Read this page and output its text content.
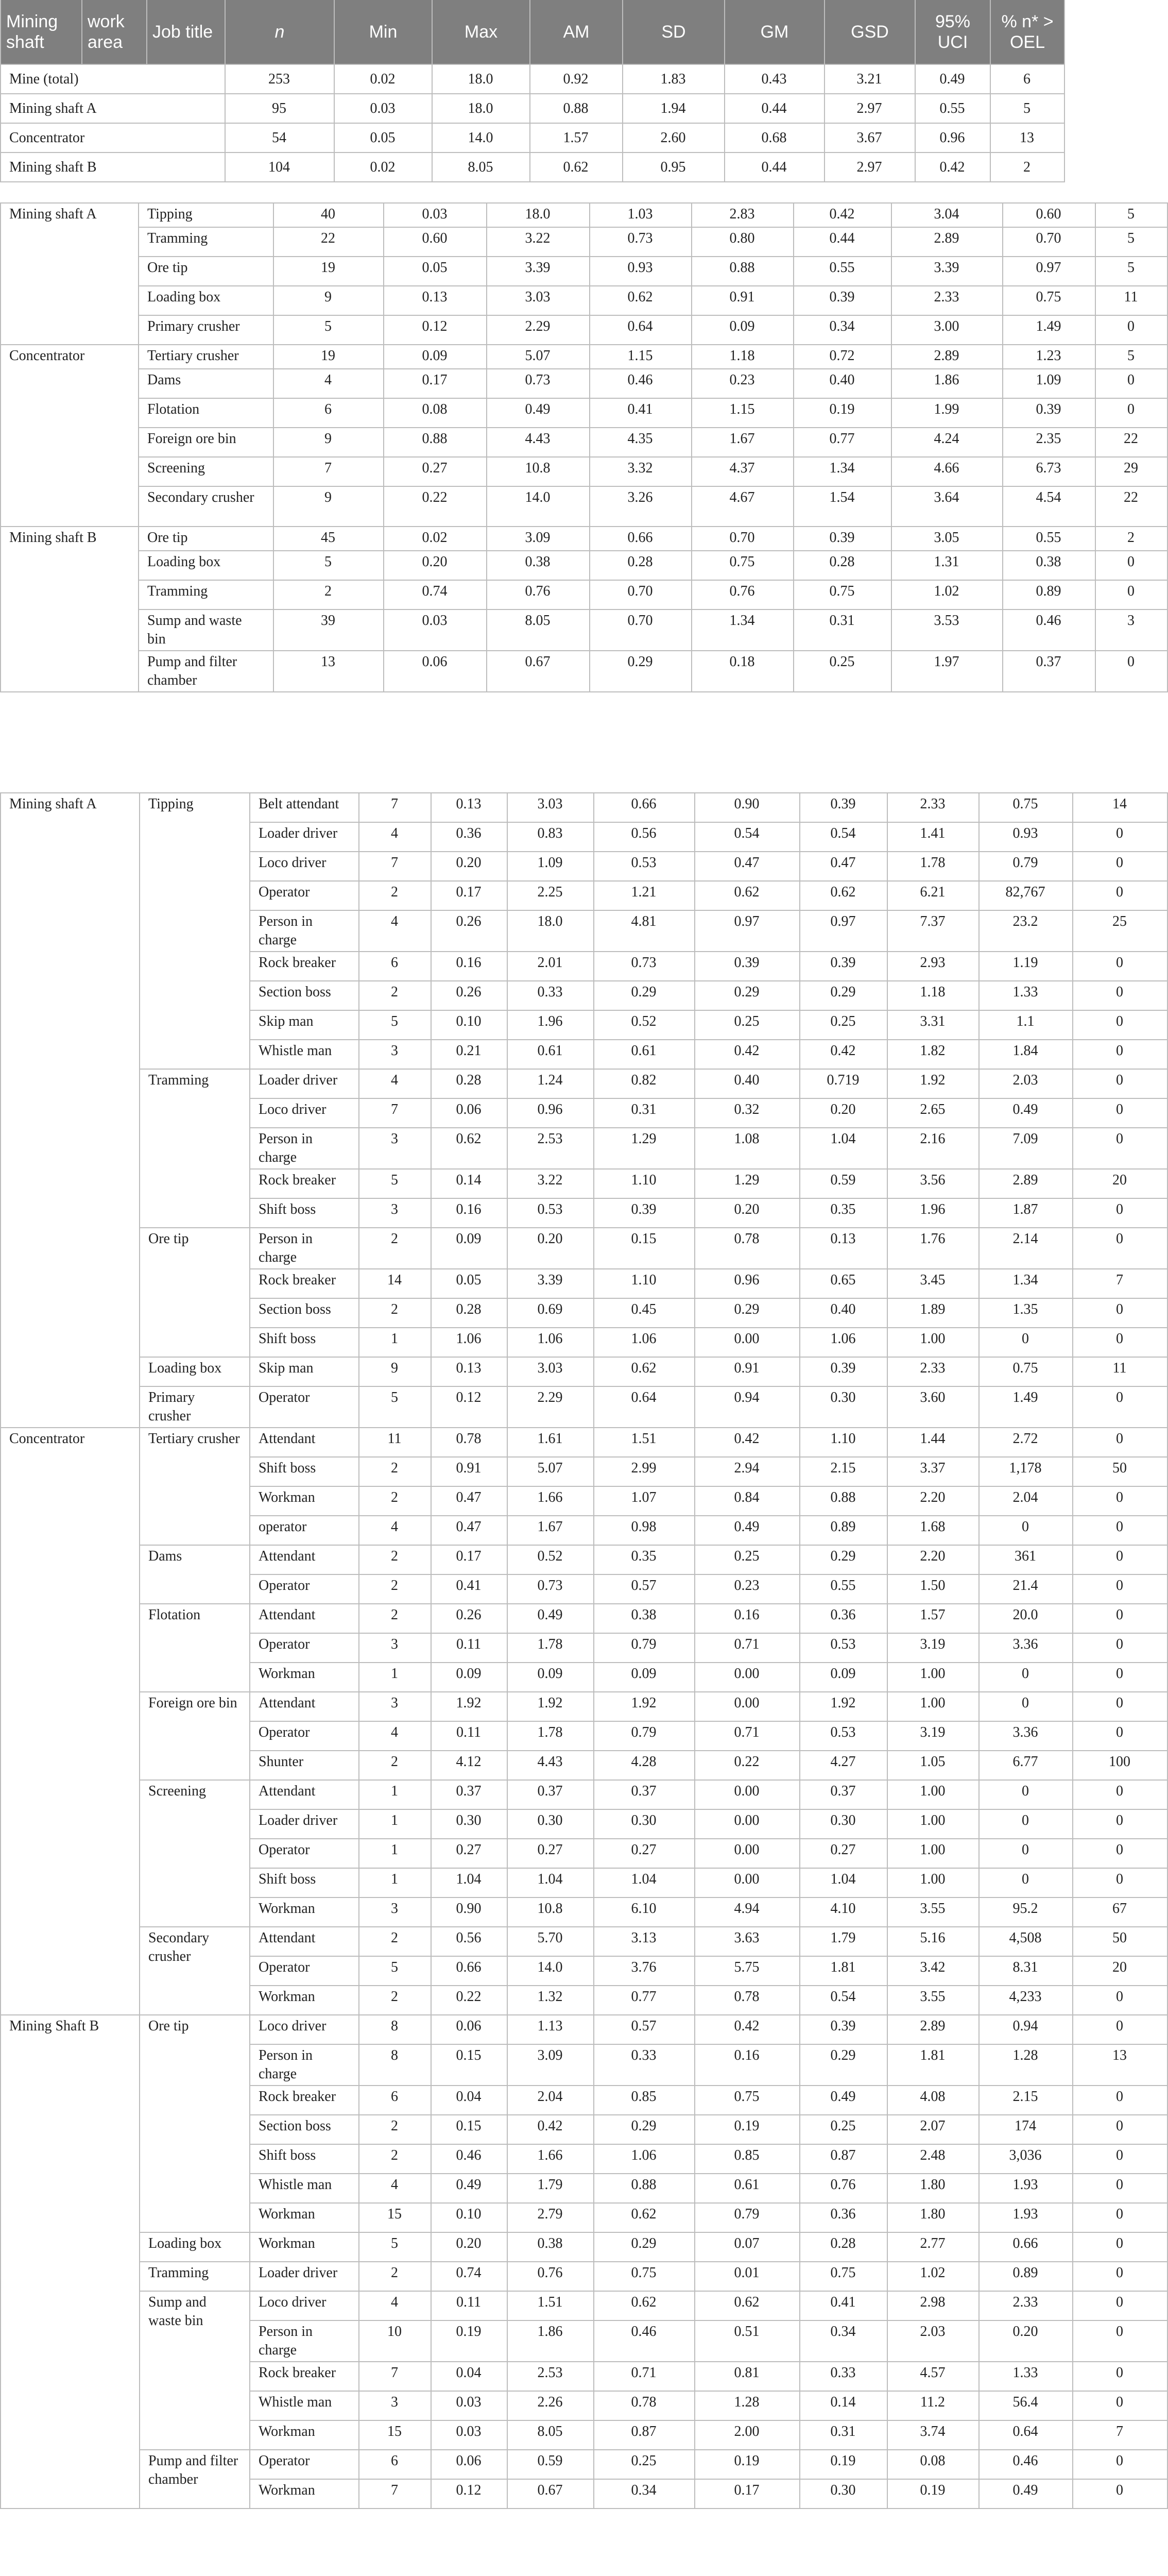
Mining shaft	work area	Job title	n	Min	Max	AM	SD	GM	GSD	95% UCI	% n* > OEL
Mine (total)			253	0.02	18.0	0.92	1.83	0.43	3.21	0.49	6
Mining shaft A			95	0.03	18.0	0.88	1.94	0.44	2.97	0.55	5
Concentrator			54	0.05	14.0	1.57	2.60	0.68	3.67	0.96	13
Mining shaft B			104	0.02	8.05	0.62	0.95	0.44	2.97	0.42	2
Mining shaft A	Tipping	40	0.03	18.0	1.03	2.83	0.42	3.04	0.60	5
	Tramming	22	0.60	3.22	0.73	0.80	0.44	2.89	0.70	5
	Ore tip	19	0.05	3.39	0.93	0.88	0.55	3.39	0.97	5
	Loading box	9	0.13	3.03	0.62	0.91	0.39	2.33	0.75	11
	Primary crusher	5	0.12	2.29	0.64	0.09	0.34	3.00	1.49	0
Concentrator	Tertiary crusher	19	0.09	5.07	1.15	1.18	0.72	2.89	1.23	5
	Dams	4	0.17	0.73	0.46	0.23	0.40	1.86	1.09	0
	Flotation	6	0.08	0.49	0.41	1.15	0.19	1.99	0.39	0
	Foreign ore bin	9	0.88	4.43	4.35	1.67	0.77	4.24	2.35	22
	Screening	7	0.27	10.8	3.32	4.37	1.34	4.66	6.73	29
	Secondary crusher	9	0.22	14.0	3.26	4.67	1.54	3.64	4.54	22
Mining shaft B	Ore tip	45	0.02	3.09	0.66	0.70	0.39	3.05	0.55	2
	Loading box	5	0.20	0.38	0.28	0.75	0.28	1.31	0.38	0
	Tramming	2	0.74	0.76	0.70	0.76	0.75	1.02	0.89	0
	Sump and waste bin	39	0.03	8.05	0.70	1.34	0.31	3.53	0.46	3
	Pump and filter chamber	13	0.06	0.67	0.29	0.18	0.25	1.97	0.37	0
Mining shaft A	Tipping	Belt attendant	7	0.13	3.03	0.66	0.90	0.39	2.33	0.75	14
		Loader driver	4	0.36	0.83	0.56	0.54	0.54	1.41	0.93	0
		Loco driver	7	0.20	1.09	0.53	0.47	0.47	1.78	0.79	0
		Operator	2	0.17	2.25	1.21	0.62	0.62	6.21	82,767	0
		Person in charge	4	0.26	18.0	4.81	0.97	0.97	7.37	23.2	25
		Rock breaker	6	0.16	2.01	0.73	0.39	0.39	2.93	1.19	0
		Section boss	2	0.26	0.33	0.29	0.29	0.29	1.18	1.33	0
		Skip man	5	0.10	1.96	0.52	0.25	0.25	3.31	1.1	0
		Whistle man	3	0.21	0.61	0.61	0.42	0.42	1.82	1.84	0
	Tramming	Loader driver	4	0.28	1.24	0.82	0.40	0.719	1.92	2.03	0
		Loco driver	7	0.06	0.96	0.31	0.32	0.20	2.65	0.49	0
		Person in charge	3	0.62	2.53	1.29	1.08	1.04	2.16	7.09	0
		Rock breaker	5	0.14	3.22	1.10	1.29	0.59	3.56	2.89	20
		Shift boss	3	0.16	0.53	0.39	0.20	0.35	1.96	1.87	0
	Ore tip	Person in charge	2	0.09	0.20	0.15	0.78	0.13	1.76	2.14	0
		Rock breaker	14	0.05	3.39	1.10	0.96	0.65	3.45	1.34	7
		Section boss	2	0.28	0.69	0.45	0.29	0.40	1.89	1.35	0
		Shift boss	1	1.06	1.06	1.06	0.00	1.06	1.00	0	0
	Loading box	Skip man	9	0.13	3.03	0.62	0.91	0.39	2.33	0.75	11
	Primary crusher	Operator	5	0.12	2.29	0.64	0.94	0.30	3.60	1.49	0
Concentrator	Tertiary crusher	Attendant	11	0.78	1.61	1.51	0.42	1.10	1.44	2.72	0
		Shift boss	2	0.91	5.07	2.99	2.94	2.15	3.37	1,178	50
		Workman	2	0.47	1.66	1.07	0.84	0.88	2.20	2.04	0
		operator	4	0.47	1.67	0.98	0.49	0.89	1.68	0	0
	Dams	Attendant	2	0.17	0.52	0.35	0.25	0.29	2.20	361	0
		Operator	2	0.41	0.73	0.57	0.23	0.55	1.50	21.4	0
	Flotation	Attendant	2	0.26	0.49	0.38	0.16	0.36	1.57	20.0	0
		Operator	3	0.11	1.78	0.79	0.71	0.53	3.19	3.36	0
		Workman	1	0.09	0.09	0.09	0.00	0.09	1.00	0	0
	Foreign ore bin	Attendant	3	1.92	1.92	1.92	0.00	1.92	1.00	0	0
		Operator	4	0.11	1.78	0.79	0.71	0.53	3.19	3.36	0
		Shunter	2	4.12	4.43	4.28	0.22	4.27	1.05	6.77	100
	Screening	Attendant	1	0.37	0.37	0.37	0.00	0.37	1.00	0	0
		Loader driver	1	0.30	0.30	0.30	0.00	0.30	1.00	0	0
		Operator	1	0.27	0.27	0.27	0.00	0.27	1.00	0	0
		Shift boss	1	1.04	1.04	1.04	0.00	1.04	1.00	0	0
		Workman	3	0.90	10.8	6.10	4.94	4.10	3.55	95.2	67
	Secondary crusher	Attendant	2	0.56	5.70	3.13	3.63	1.79	5.16	4,508	50
		Operator	5	0.66	14.0	3.76	5.75	1.81	3.42	8.31	20
		Workman	2	0.22	1.32	0.77	0.78	0.54	3.55	4,233	0
Mining Shaft B	Ore tip	Loco driver	8	0.06	1.13	0.57	0.42	0.39	2.89	0.94	0
		Person in charge	8	0.15	3.09	0.33	0.16	0.29	1.81	1.28	13
		Rock breaker	6	0.04	2.04	0.85	0.75	0.49	4.08	2.15	0
		Section boss	2	0.15	0.42	0.29	0.19	0.25	2.07	174	0
		Shift boss	2	0.46	1.66	1.06	0.85	0.87	2.48	3,036	0
		Whistle man	4	0.49	1.79	0.88	0.61	0.76	1.80	1.93	0
		Workman	15	0.10	2.79	0.62	0.79	0.36	1.80	1.93	0
	Loading box	Workman	5	0.20	0.38	0.29	0.07	0.28	2.77	0.66	0
	Tramming	Loader driver	2	0.74	0.76	0.75	0.01	0.75	1.02	0.89	0
	Sump and waste bin	Loco driver	4	0.11	1.51	0.62	0.62	0.41	2.98	2.33	0
		Person in charge	10	0.19	1.86	0.46	0.51	0.34	2.03	0.20	0
		Rock breaker	7	0.04	2.53	0.71	0.81	0.33	4.57	1.33	0
		Whistle man	3	0.03	2.26	0.78	1.28	0.14	11.2	56.4	0
		Workman	15	0.03	8.05	0.87	2.00	0.31	3.74	0.64	7
	Pump and filter chamber	Operator	6	0.06	0.59	0.25	0.19	0.19	0.08	0.46	0
		Workman	7	0.12	0.67	0.34	0.17	0.30	0.19	0.49	0
